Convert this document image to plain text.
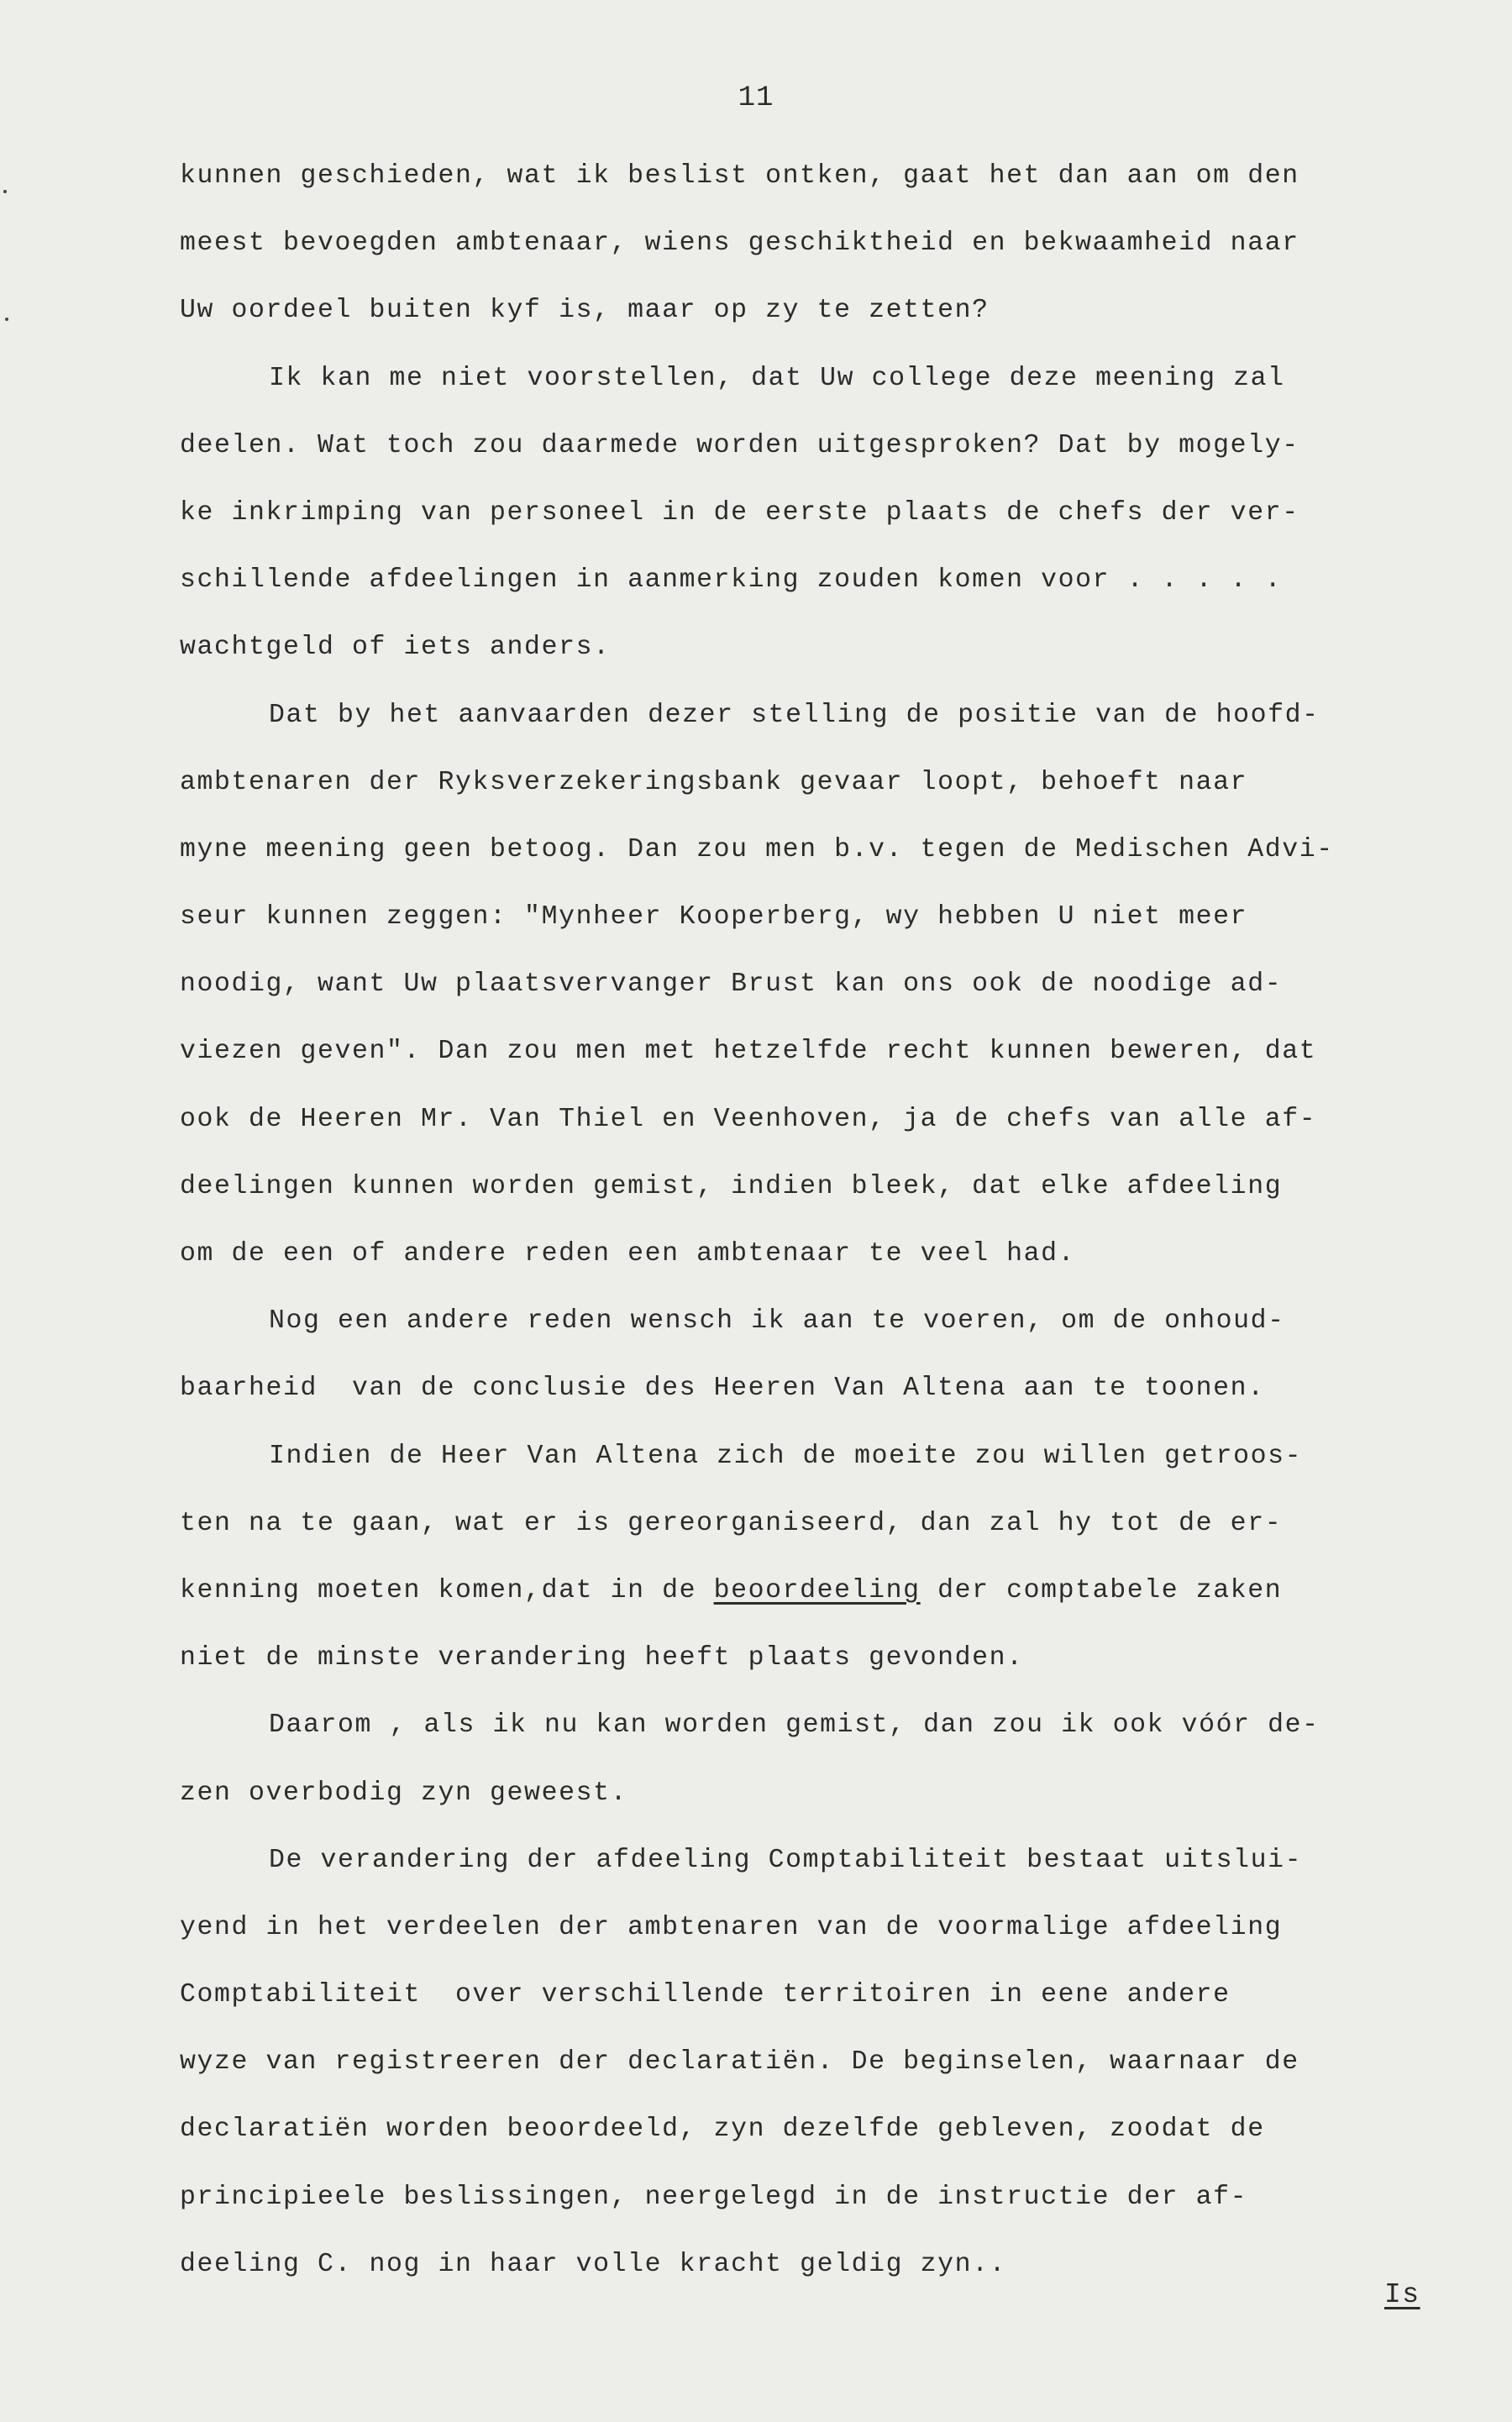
11
kunnen geschieden, wat ik beslist ontken, gaat het dan aan om den
meest bevoegden ambtenaar, wiens geschiktheid en bekwaamheid naar
Uw oordeel buiten kyf is, maar op zy te zetten?
Ik kan me niet voorstellen, dat Uw college deze meening zal
deelen. Wat toch zou daarmede worden uitgesproken? Dat by mogely-
ke inkrimping van personeel in de eerste plaats de chefs der ver-
schillende afdeelingen in aanmerking zouden komen voor . . . . .
wachtgeld of iets anders.
Dat by het aanvaarden dezer stelling de positie van de hoofd-
ambtenaren der Ryksverzekeringsbank gevaar loopt, behoeft naar
myne meening geen betoog. Dan zou men b.v. tegen de Medischen Advi-
seur kunnen zeggen: "Mynheer Kooperberg, wy hebben U niet meer
noodig, want Uw plaatsvervanger Brust kan ons ook de noodige ad-
viezen geven". Dan zou men met hetzelfde recht kunnen beweren, dat
ook de Heeren Mr. Van Thiel en Veenhoven, ja de chefs van alle af-
deelingen kunnen worden gemist, indien bleek, dat elke afdeeling
om de een of andere reden een ambtenaar te veel had.
Nog een andere reden wensch ik aan te voeren, om de onhoud-
baarheid  van de conclusie des Heeren Van Altena aan te toonen.
Indien de Heer Van Altena zich de moeite zou willen getroos-
ten na te gaan, wat er is gereorganiseerd, dan zal hy tot de er-
kenning moeten komen,dat in de beoordeeling der comptabele zaken
niet de minste verandering heeft plaats gevonden.
Daarom , als ik nu kan worden gemist, dan zou ik ook vóór de-
zen overbodig zyn geweest.
De verandering der afdeeling Comptabiliteit bestaat uitslui-
yend in het verdeelen der ambtenaren van de voormalige afdeeling
Comptabiliteit  over verschillende territoiren in eene andere
wyze van registreeren der declaratiën. De beginselen, waarnaar de
declaratiën worden beoordeeld, zyn dezelfde gebleven, zoodat de
principieele beslissingen, neergelegd in de instructie der af-
deeling C. nog in haar volle kracht geldig zyn..
Is
